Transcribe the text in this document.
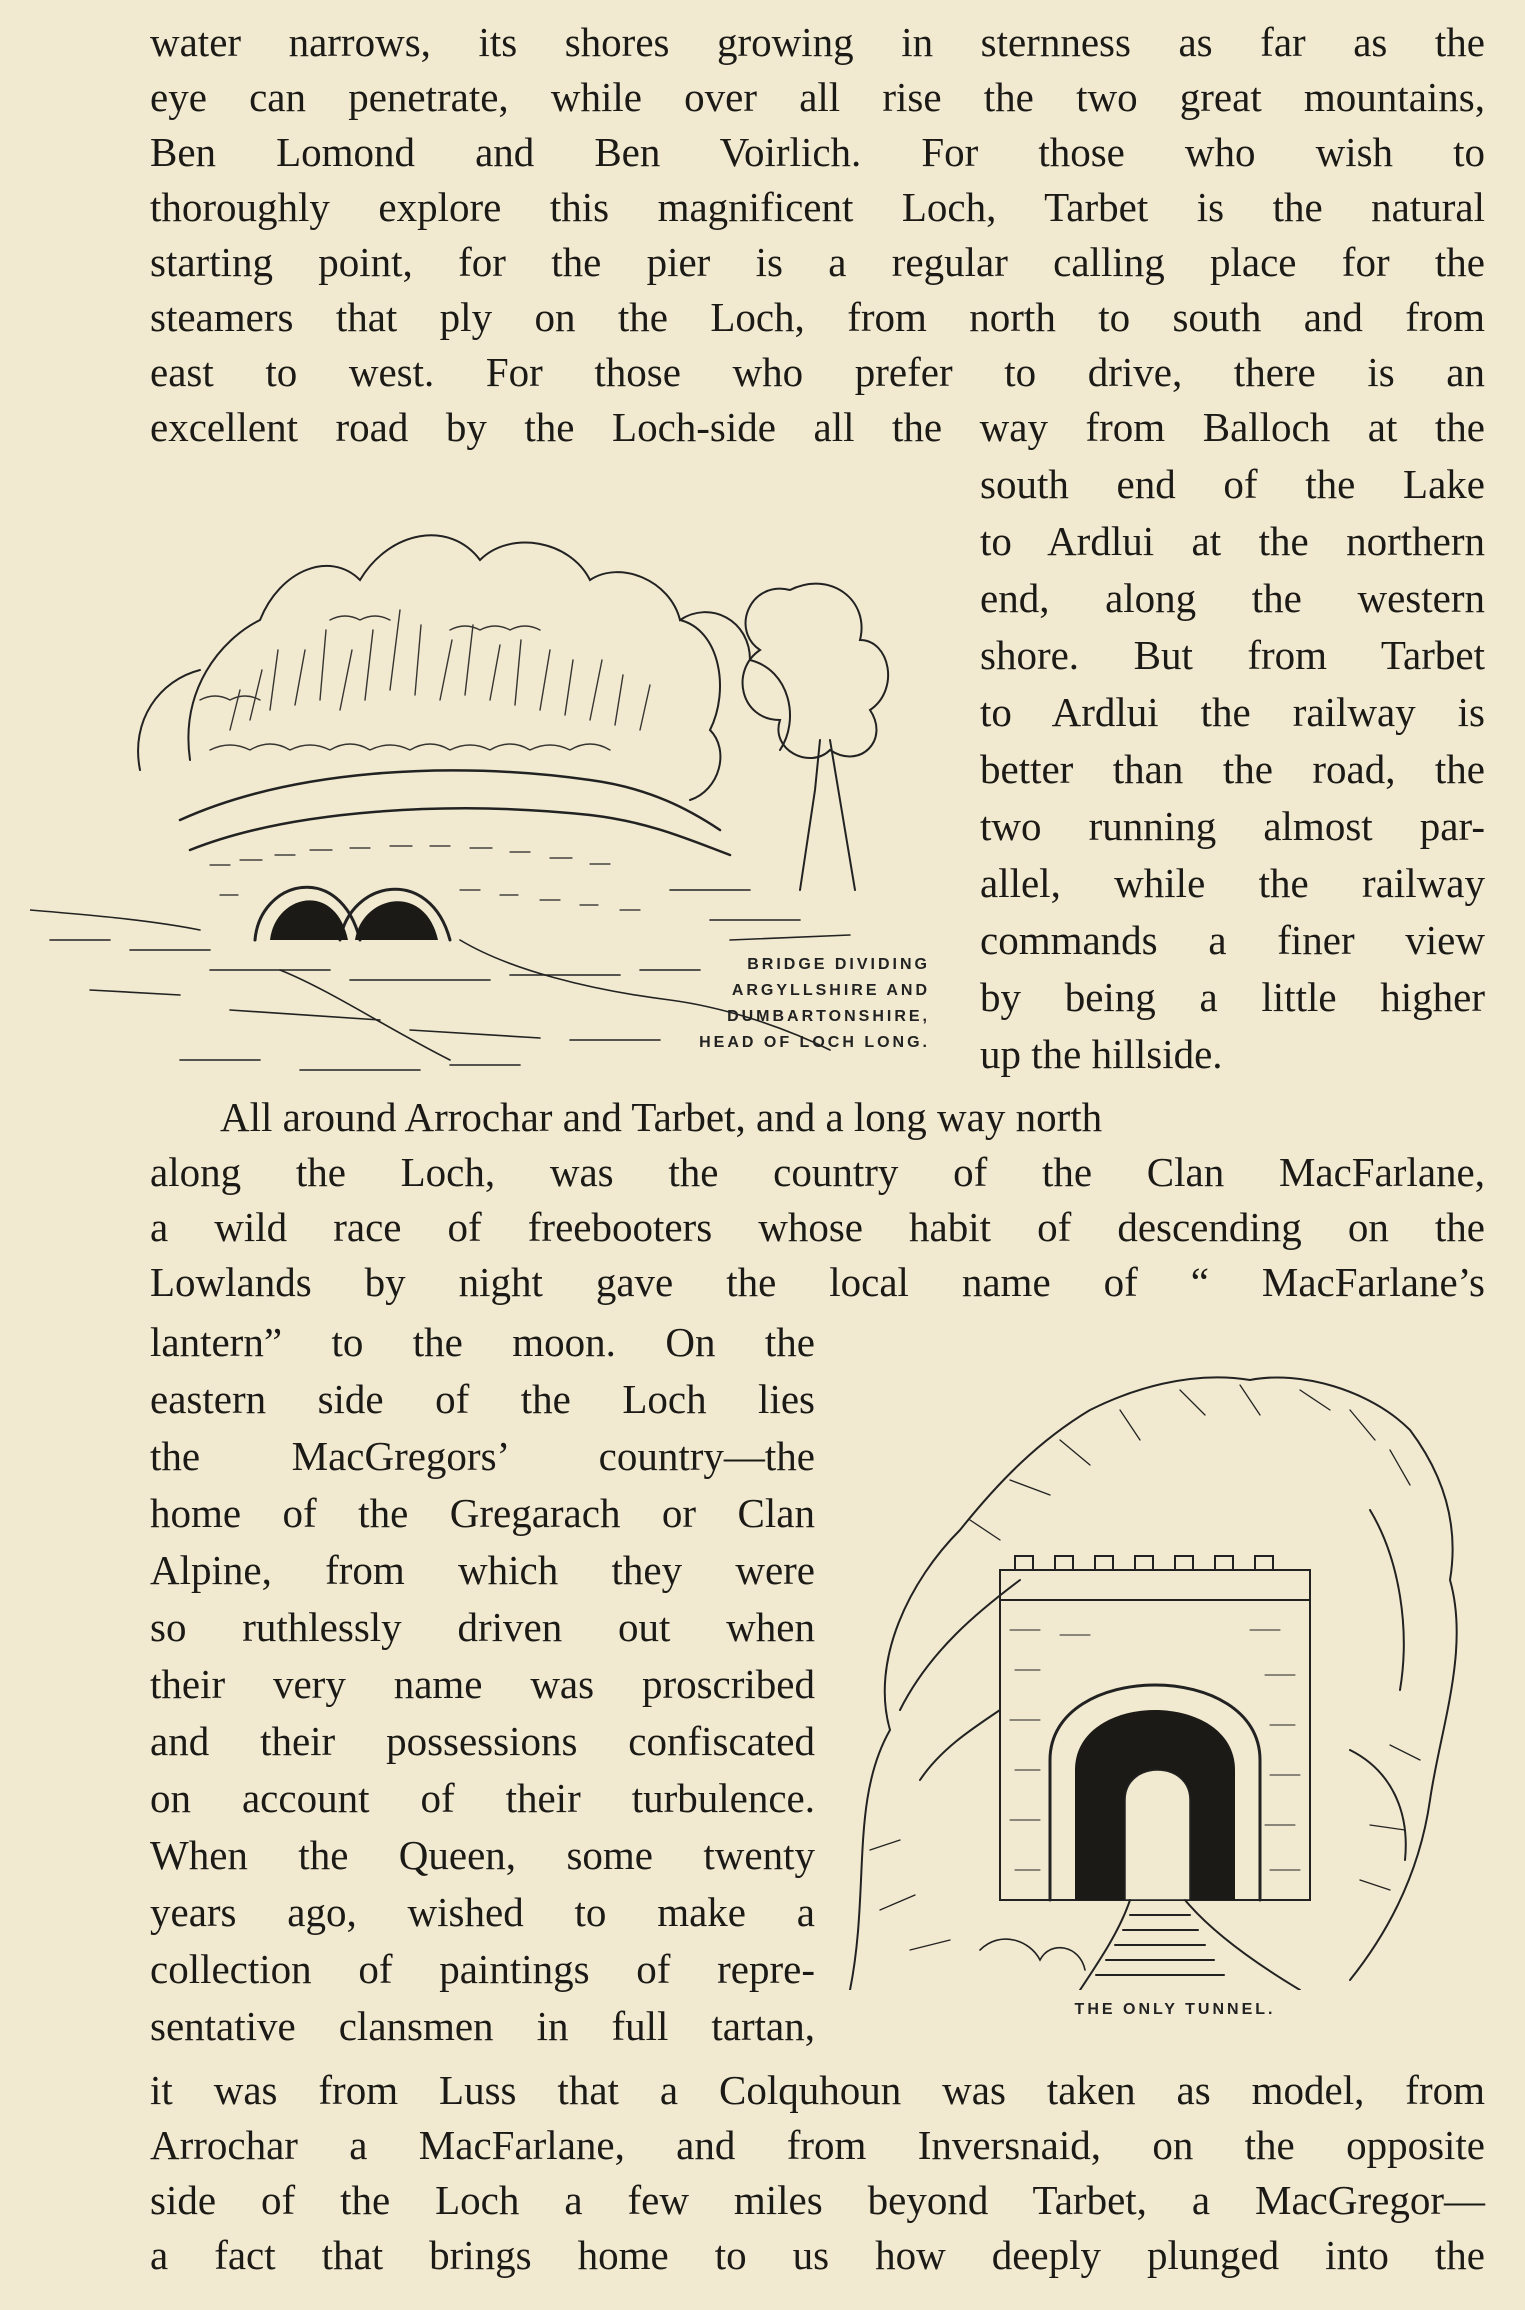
water narrows, its shores growing in sternness as far as the
eye can penetrate, while over all rise the two great mountains,
Ben Lomond and Ben Voirlich. For those who wish to
thoroughly explore this magnificent Loch, Tarbet is the natural
starting point, for the pier is a regular calling place for the
steamers that ply on the Loch, from north to south and from
east to west. For those who prefer to drive, there is an
excellent road by the Loch-side all the way from Balloch at the
south end of the Lake
to Ardlui at the northern
end, along the western
shore. But from Tarbet
to Ardlui the railway is
better than the road, the
two running almost par-
allel, while the railway
commands a finer view
by being a little higher
up the hillside.
BRIDGE DIVIDING
ARGYLLSHIRE AND
DUMBARTONSHIRE,
HEAD OF LOCH LONG.
All around Arrochar and Tarbet, and a long way north
along the Loch, was the country of the Clan MacFarlane,
a wild race of freebooters whose habit of descending on the
Lowlands by night gave the local name of “ MacFarlane’s
lantern” to the moon. On the
eastern side of the Loch lies
the MacGregors’ country—the
home of the Gregarach or Clan
Alpine, from which they were
so ruthlessly driven out when
their very name was proscribed
and their possessions confiscated
on account of their turbulence.
When the Queen, some twenty
years ago, wished to make a
collection of paintings of repre-
sentative clansmen in full tartan,	THE ONLY TUNNEL.
it was from Luss that a Colquhoun was taken as model, from
Arrochar a MacFarlane, and from Inversnaid, on the opposite
side of the Loch a few miles beyond Tarbet, a MacGregor—
a fact that brings home to us how deeply plunged into the
